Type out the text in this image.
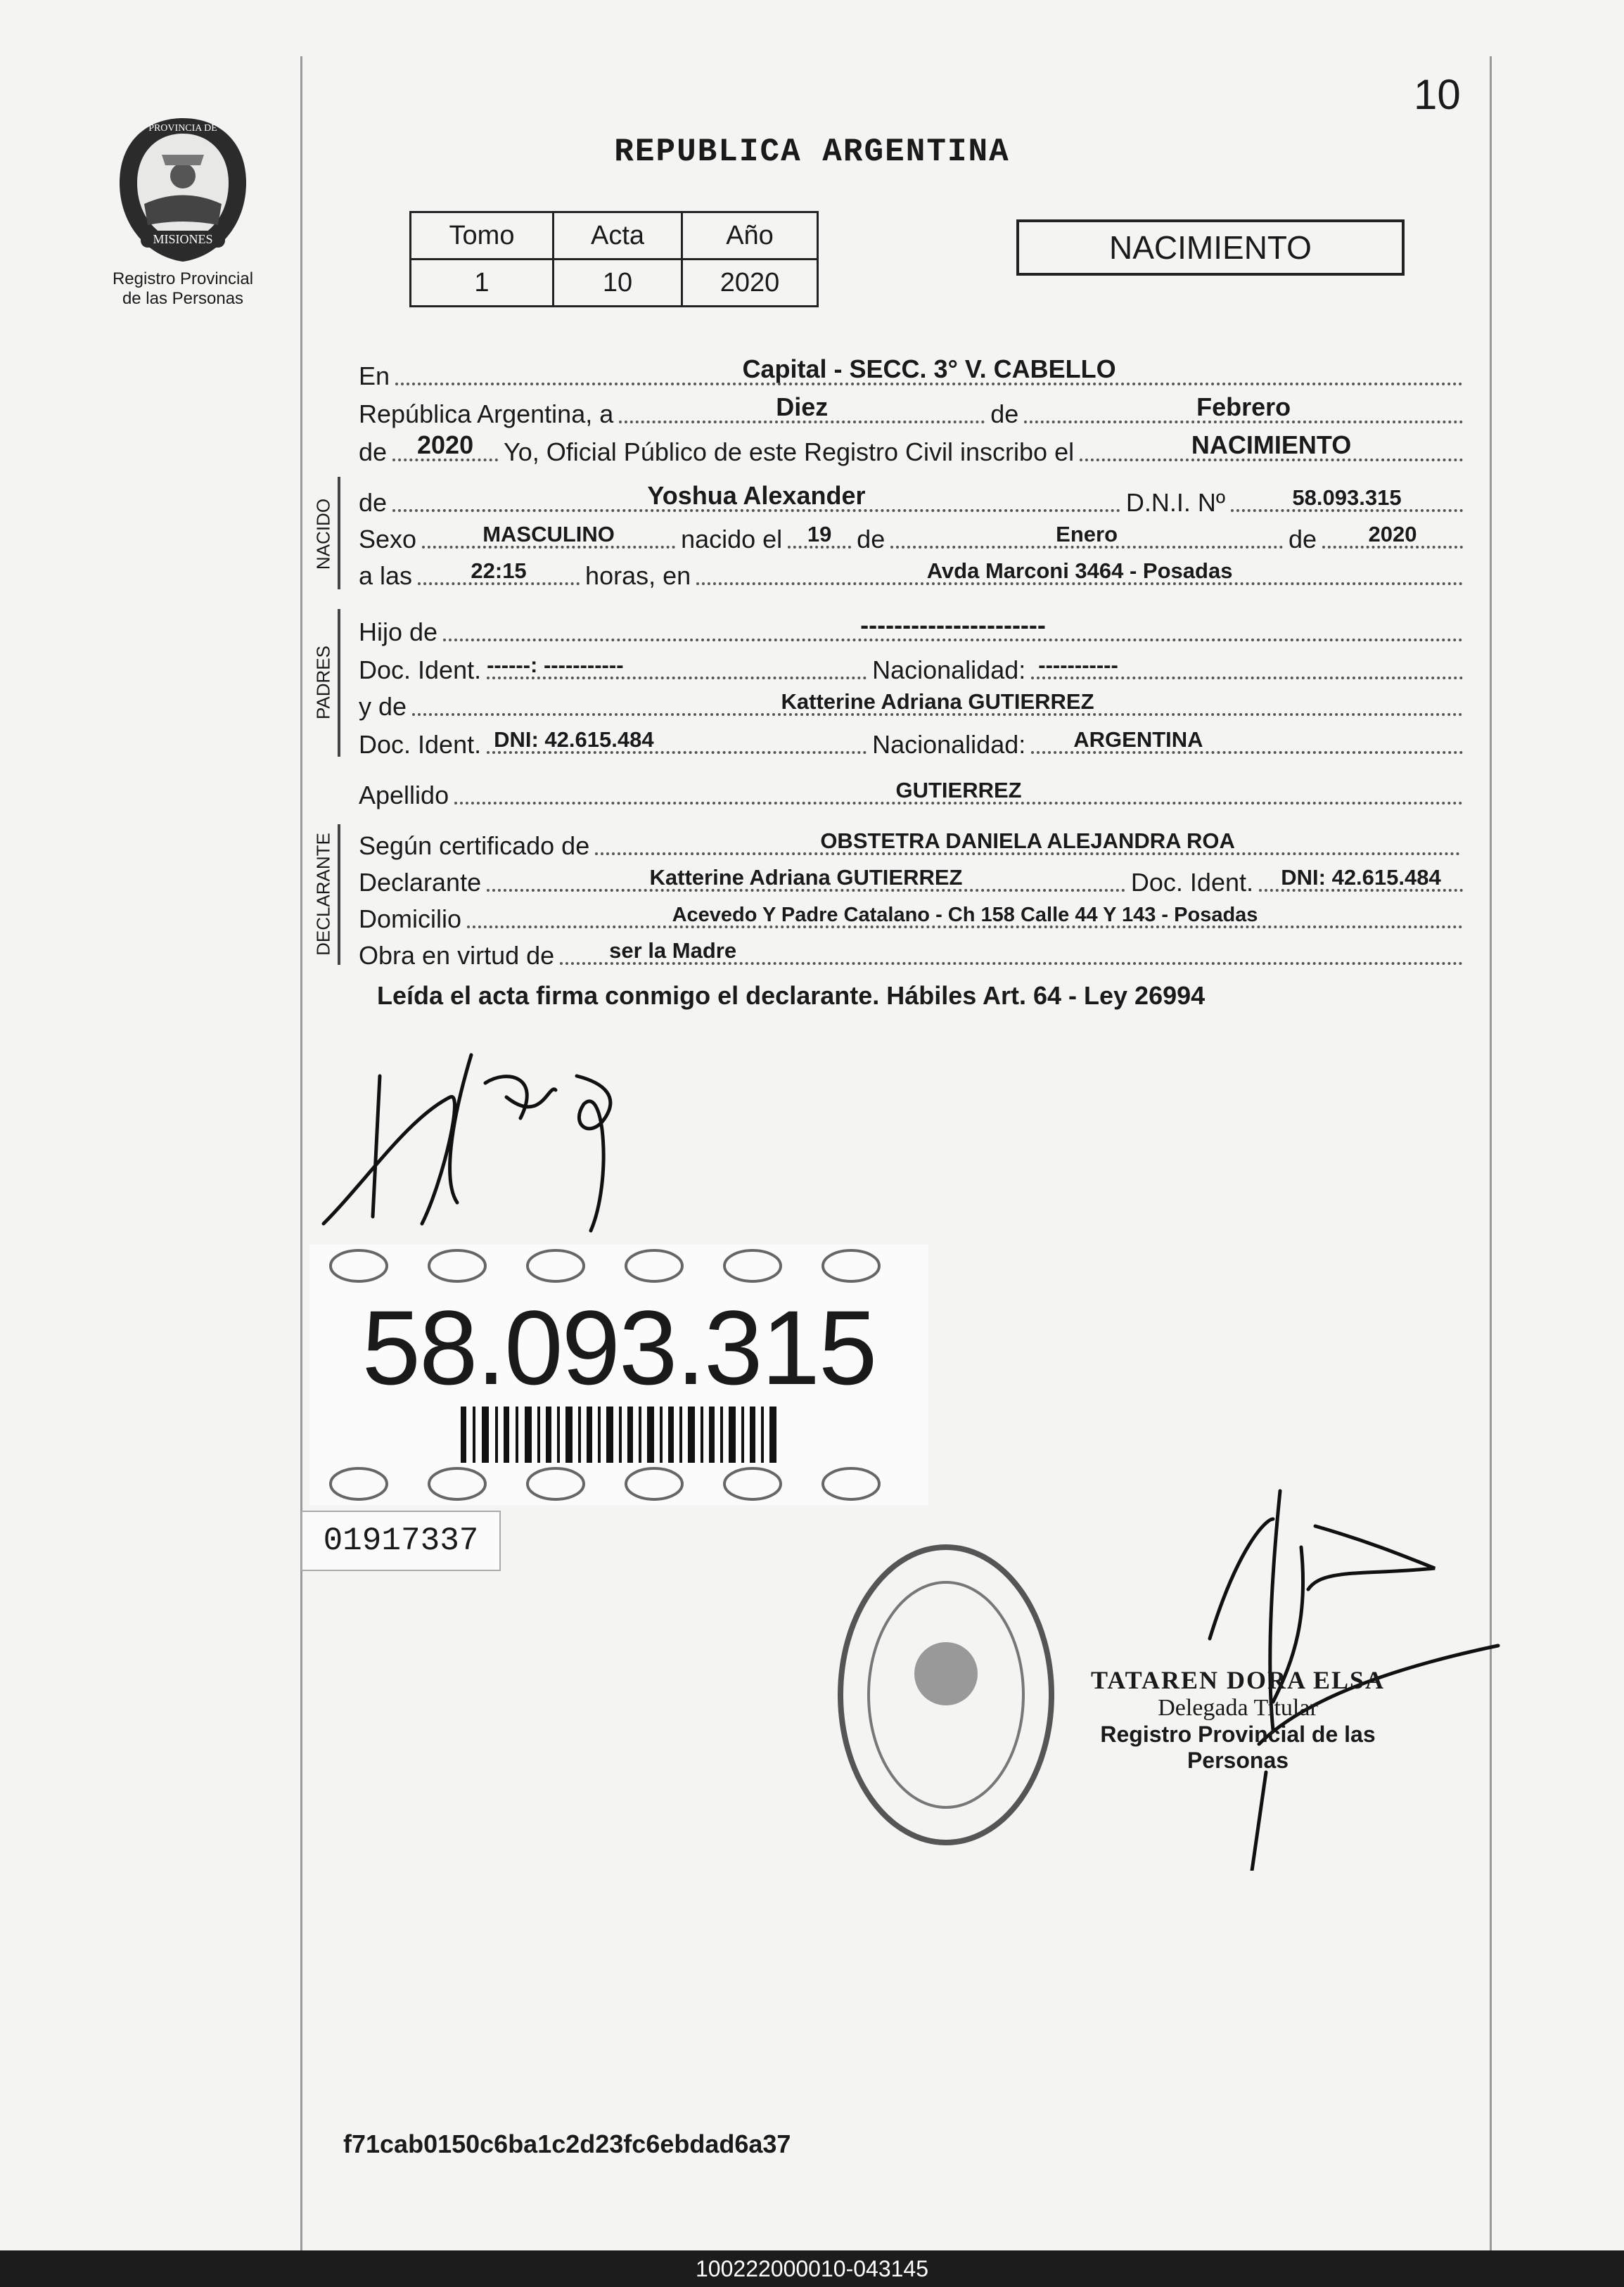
10
MISIONES
PROVINCIA DE
Registro Provincial
de las Personas
REPUBLICA ARGENTINA
Tomo	Acta	Año
1	10	2020
NACIMIENTO
En	Capital - SECC. 3° V. CABELLO
República Argentina, a	Diez	de	Febrero
de	2020	Yo, Oficial Público de este Registro Civil inscribo el	NACIMIENTO
NACIDO de	Yoshua Alexander	D.N.I. Nº	58.093.315
Sexo	MASCULINO	nacido el	19 de	Enero	de	2020
a las	22:15	horas, en	Avda Marconi 3464 - Posadas
PADRES
Hijo de	----------------------
Doc. Ident. ------: -----------	Nacionalidad: -----------
y de	Katterine Adriana GUTIERREZ
Doc. Ident. DNI: 42.615.484	Nacionalidad:	ARGENTINA
Apellido	GUTIERREZ
DECLARANTE Según certificado de	OBSTETRA DANIELA ALEJANDRA ROA
Declarante	Katterine Adriana GUTIERREZ	Doc. Ident.	DNI: 42.615.484
Domicilio	Acevedo Y Padre Catalano - Ch 158 Calle 44 Y 143 - Posadas
Obra en virtud de	ser la Madre
Leída el acta firma conmigo el declarante. Hábiles Art. 64 - Ley 26994
58.093.315
01917337
TATAREN DORA ELSA
Delegada Titular
Registro Provincial de las Personas
f71cab0150c6ba1c2d23fc6ebdad6a37
100222000010-043145
